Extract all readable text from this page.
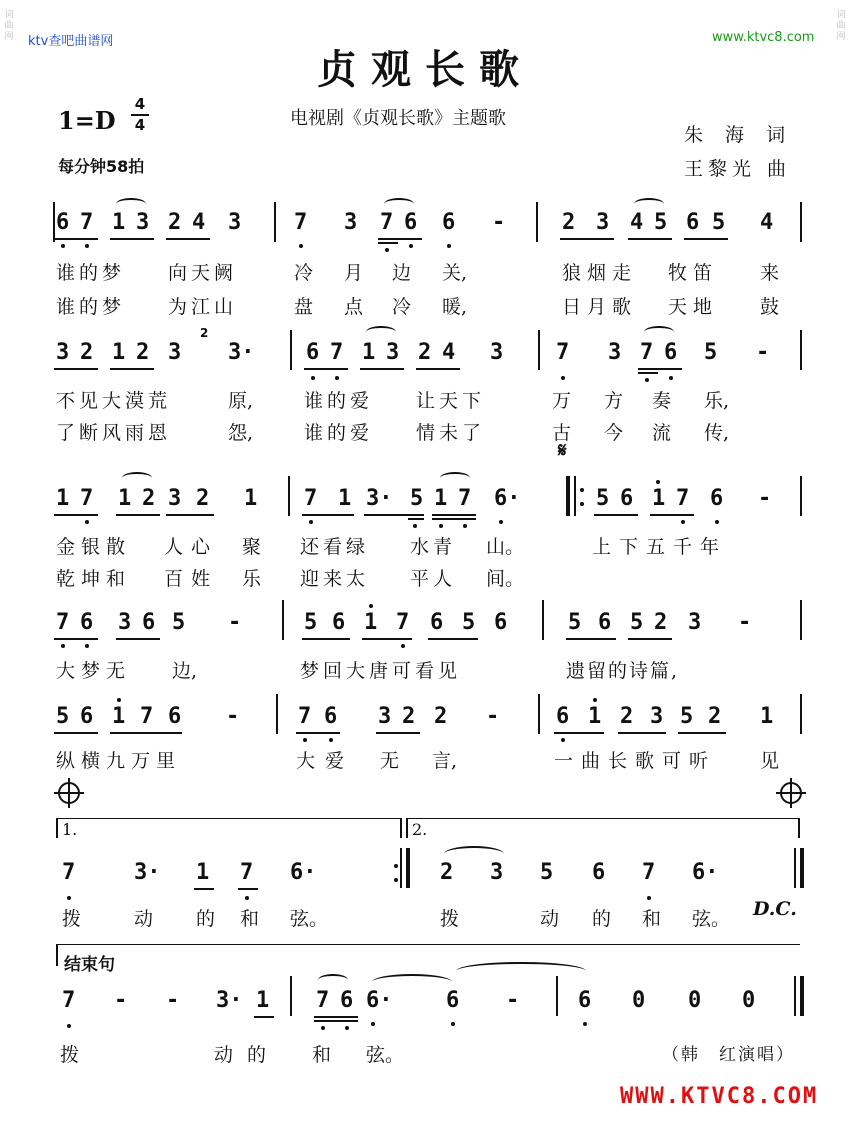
词曲网
词曲网
ktv查吧曲谱网	www.ktvc8.com
贞观长歌
1=D
4
4	电视剧《贞观长歌》主题歌
朱 海 词
王黎光 曲
每分钟58拍
6 7 1 3 2 4 3 7 3 7 6 6 -	2 3 4 5 6 5 4
谁的梦 向天阙	冷 月 边 关,	狼烟走 牧笛 来
谁的梦 为江山	盘 点 冷 暖,	日月歌 天地 鼓
3 2 1 2 3 3· 6 7 1 3 2 4 3 7 3 7 6 5 -
2
不见大漠荒	原,	谁的爱 让天下	万 方 奏 乐,
了断风雨恩	怨,	谁的爱 情未了	古 今 流 传,
𝄋
1 7 1 2 3 2 1 7 1 3· 5 1 7 6·	5 6 1 7 6 -
金银散 人心 聚 还看绿 水青 山。	上下五千年
乾坤和 百姓 乐 迎来太 平人 间。
7 6 3 6 5 -	5 6 1 7 6 5 6	5 6 5 2 3 -
大梦无 边,	梦回大唐可看见	遗留的诗篇,
5 6 1 7 6 -	7 6 3 2 2 -	6 1 2 3 5 2 1
纵横九万里	大爱 无 言,	一曲长歌可听 见
1.	2.
7	3· 1 7 6·	2 3 5 6 7 6·
拨	动 的 和 弦。	拨	动 的 和 弦。 D.C.
结束句
7 - - 3· 1 7 6 6· 6 -	6 0 0 0
拨	动的 和 弦。	（韩　红演唱）
WWW.KTVC8.COM
